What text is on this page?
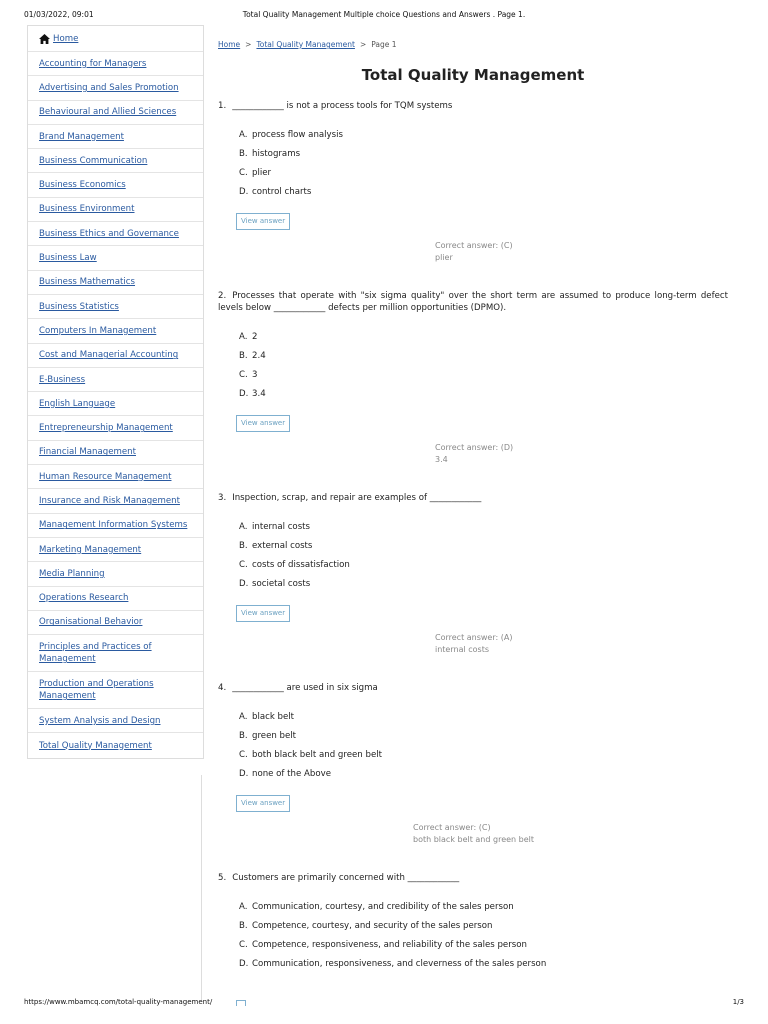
01/03/2022, 09:01	Total Quality Management Multiple choice Questions and Answers . Page 1.
Home
Accounting for Managers
Advertising and Sales Promotion
Behavioural and Allied Sciences
Brand Management
Business Communication
Business Economics
Business Environment
Business Ethics and Governance
Business Law
Business Mathematics
Business Statistics
Computers In Management
Cost and Managerial Accounting
E-Business
English Language
Entrepreneurship Management
Financial Management
Human Resource Management
Insurance and Risk Management
Management Information Systems
Marketing Management
Media Planning
Operations Research
Organisational Behavior
Principles and Practices of Management
Production and Operations Management
System Analysis and Design
Total Quality Management
Home > Total Quality Management > Page 1
Total Quality Management
1. ____________ is not a process tools for TQM systems
A. process flow analysis
B. histograms
C. plier
D. control charts
View answer
Correct answer: (C)
plier
2. Processes that operate with "six sigma quality" over the short term are assumed to produce long-term defect levels below ____________ defects per million opportunities (DPMO).
A. 2
B. 2.4
C. 3
D. 3.4
View answer
Correct answer: (D)
3.4
3. Inspection, scrap, and repair are examples of ____________
A. internal costs
B. external costs
C. costs of dissatisfaction
D. societal costs
View answer
Correct answer: (A)
internal costs
4. ____________ are used in six sigma
A. black belt
B. green belt
C. both black belt and green belt
D. none of the Above
View answer
Correct answer: (C)
both black belt and green belt
5. Customers are primarily concerned with ____________
A. Communication, courtesy, and credibility of the sales person
B. Competence, courtesy, and security of the sales person
C. Competence, responsiveness, and reliability of the sales person
D. Communication, responsiveness, and cleverness of the sales person
https://www.mbamcq.com/total-quality-management/	1/3
